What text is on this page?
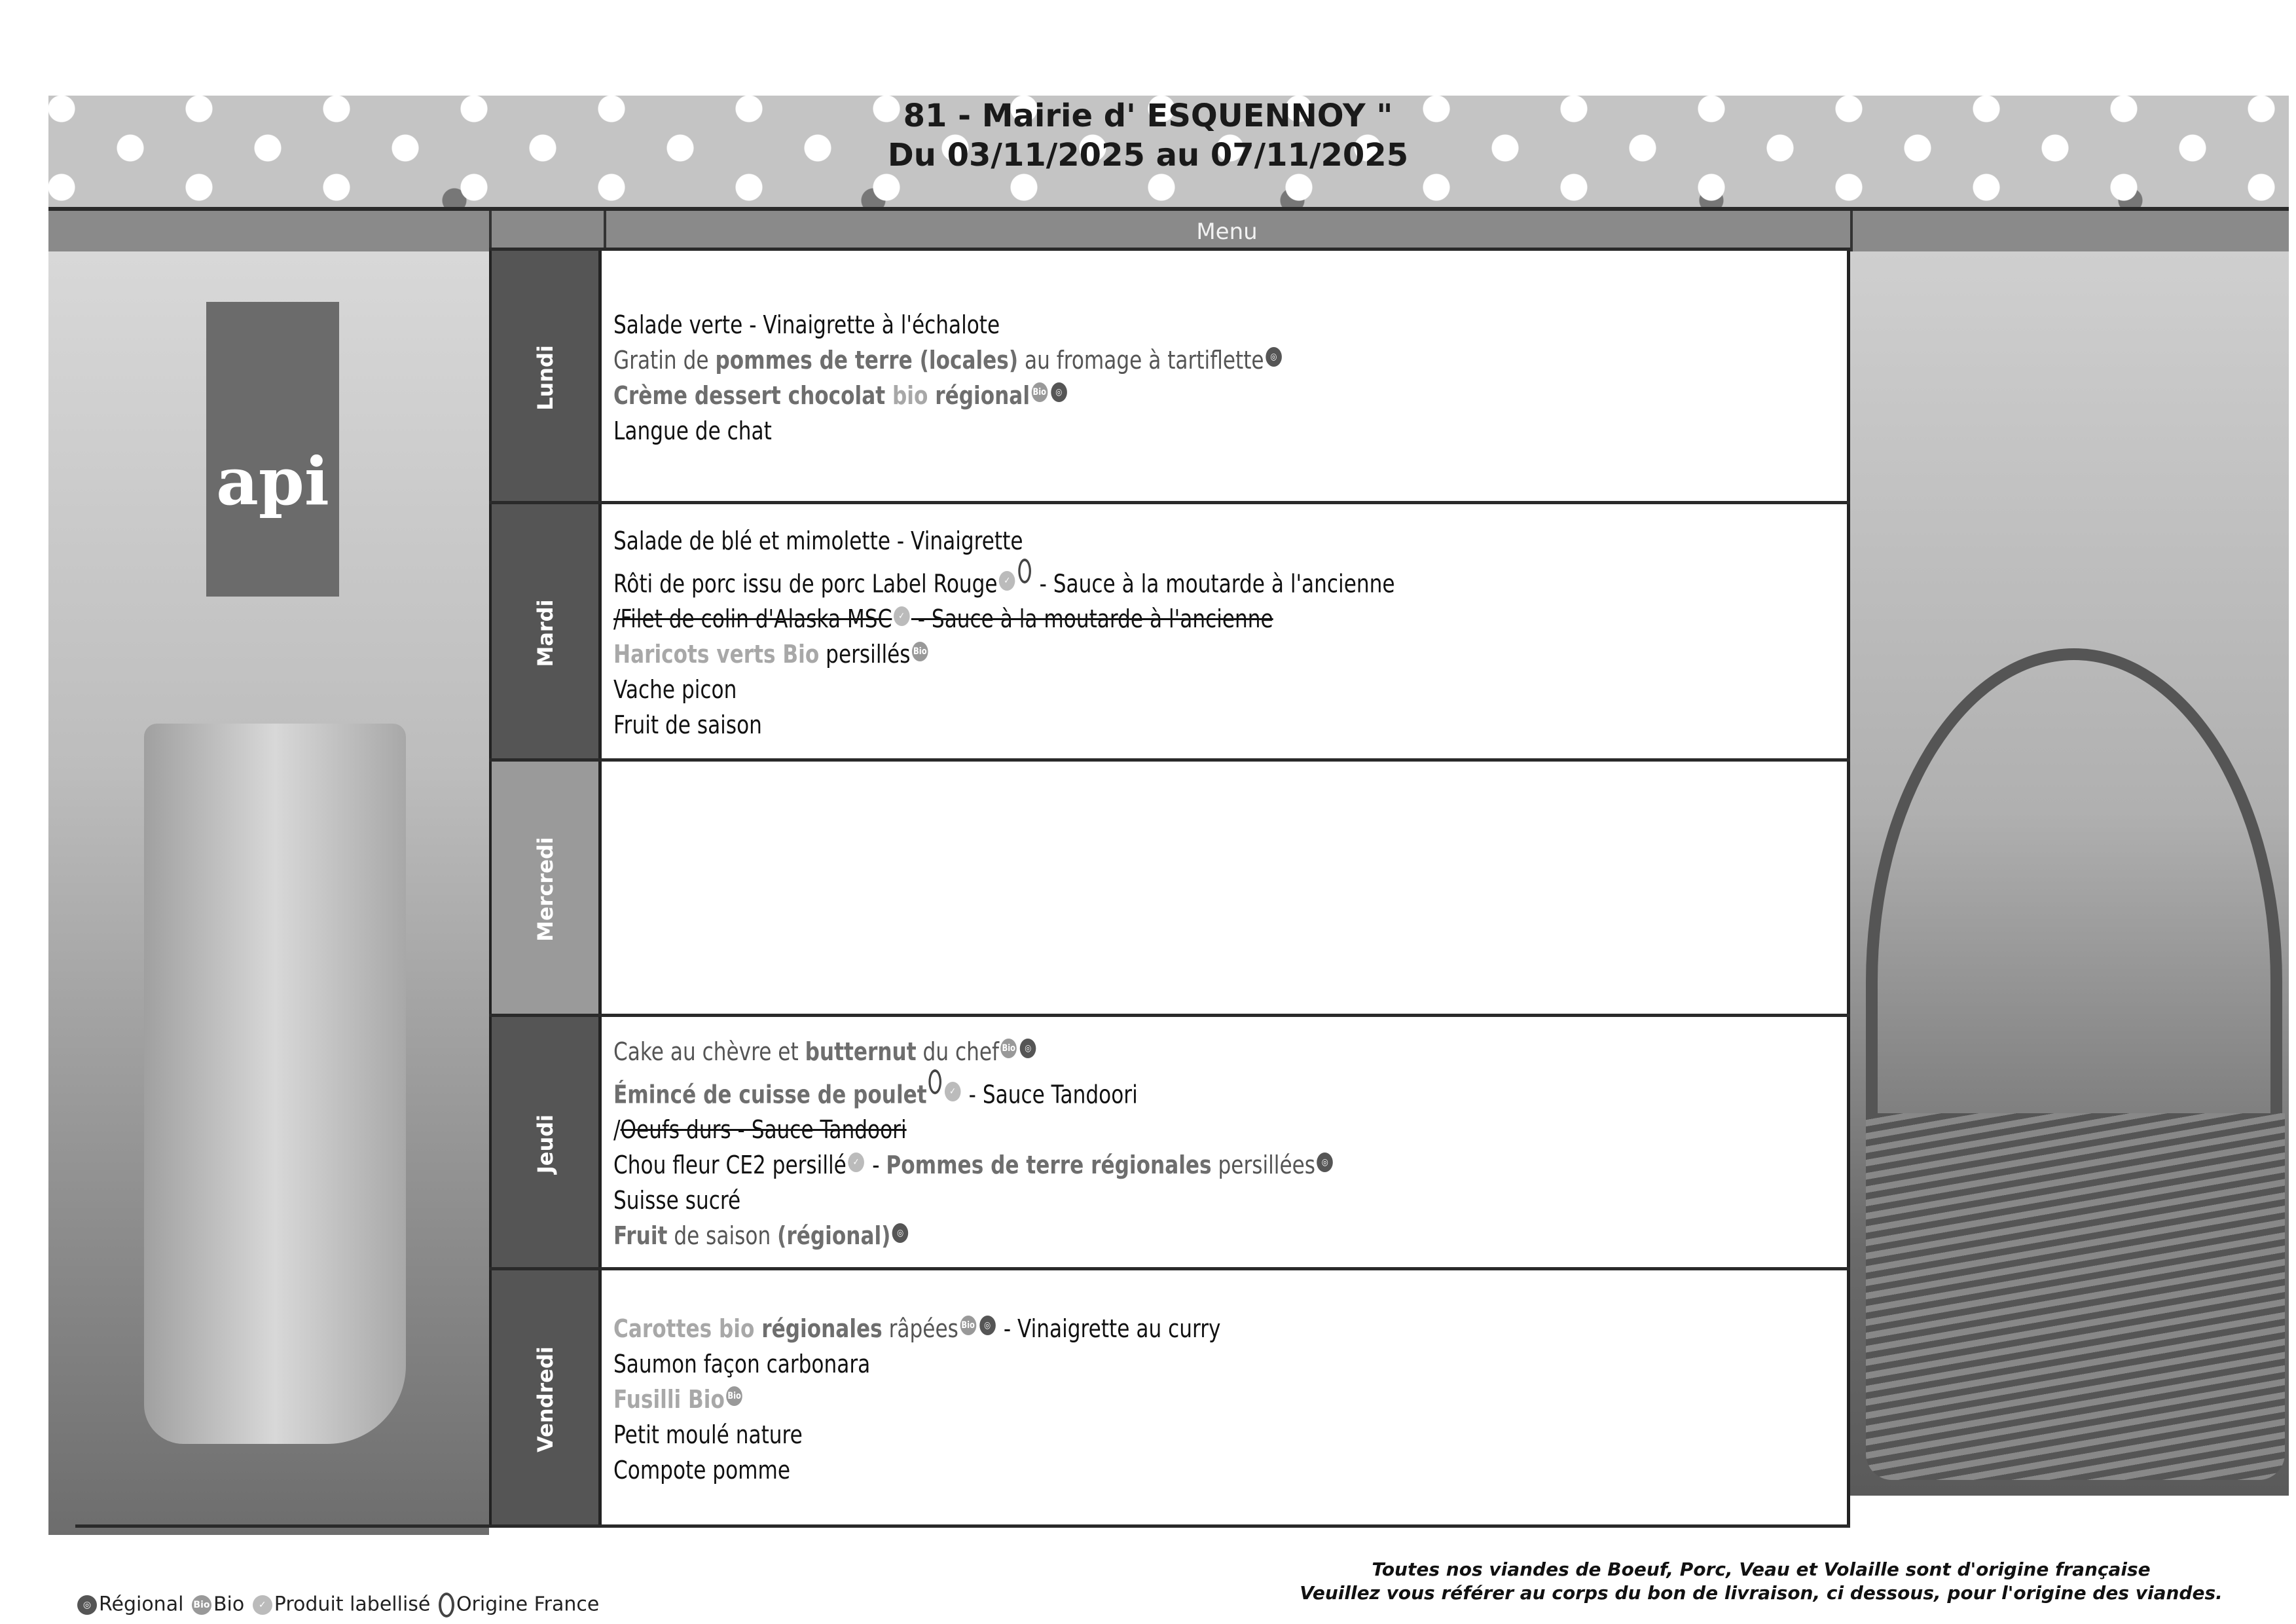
81 - Mairie d' ESQUENNOY "
Du 03/11/2025 au 07/11/2025
Menu
api
Lundi
Salade verte - Vinaigrette à l'échalote
Gratin de pommes de terre (locales) au fromage à tartiflette ◎
Crème dessert chocolat bio régional Bio ◎
Langue de chat
Mardi
Salade de blé et mimolette - Vinaigrette
Rôti de porc issu de porc Label Rouge ✓ - Sauce à la moutarde à l'ancienne
/Filet de colin d'Alaska MSC ✓ - Sauce à la moutarde à l'ancienne
Haricots verts Bio persillés Bio
Vache picon
Fruit de saison
Mercredi
Jeudi
Cake au chèvre et butternut du chef Bio ◎
Émincé de cuisse de poulet ✓ - Sauce Tandoori
/Oeufs durs - Sauce Tandoori
Chou fleur CE2 persillé ✓ - Pommes de terre régionales persillées ◎
Suisse sucré
Fruit de saison (régional) ◎
Vendredi
Carottes bio régionales râpées Bio ◎ - Vinaigrette au curry
Saumon façon carbonara
Fusilli Bio Bio
Petit moulé nature
Compote pomme
◎ Régional Bio Bio ✓ Produit labellisé Origine France
Toutes nos viandes de Boeuf, Porc, Veau et Volaille sont d'origine française
Veuillez vous référer au corps du bon de livraison, ci dessous, pour l'origine des viandes.
